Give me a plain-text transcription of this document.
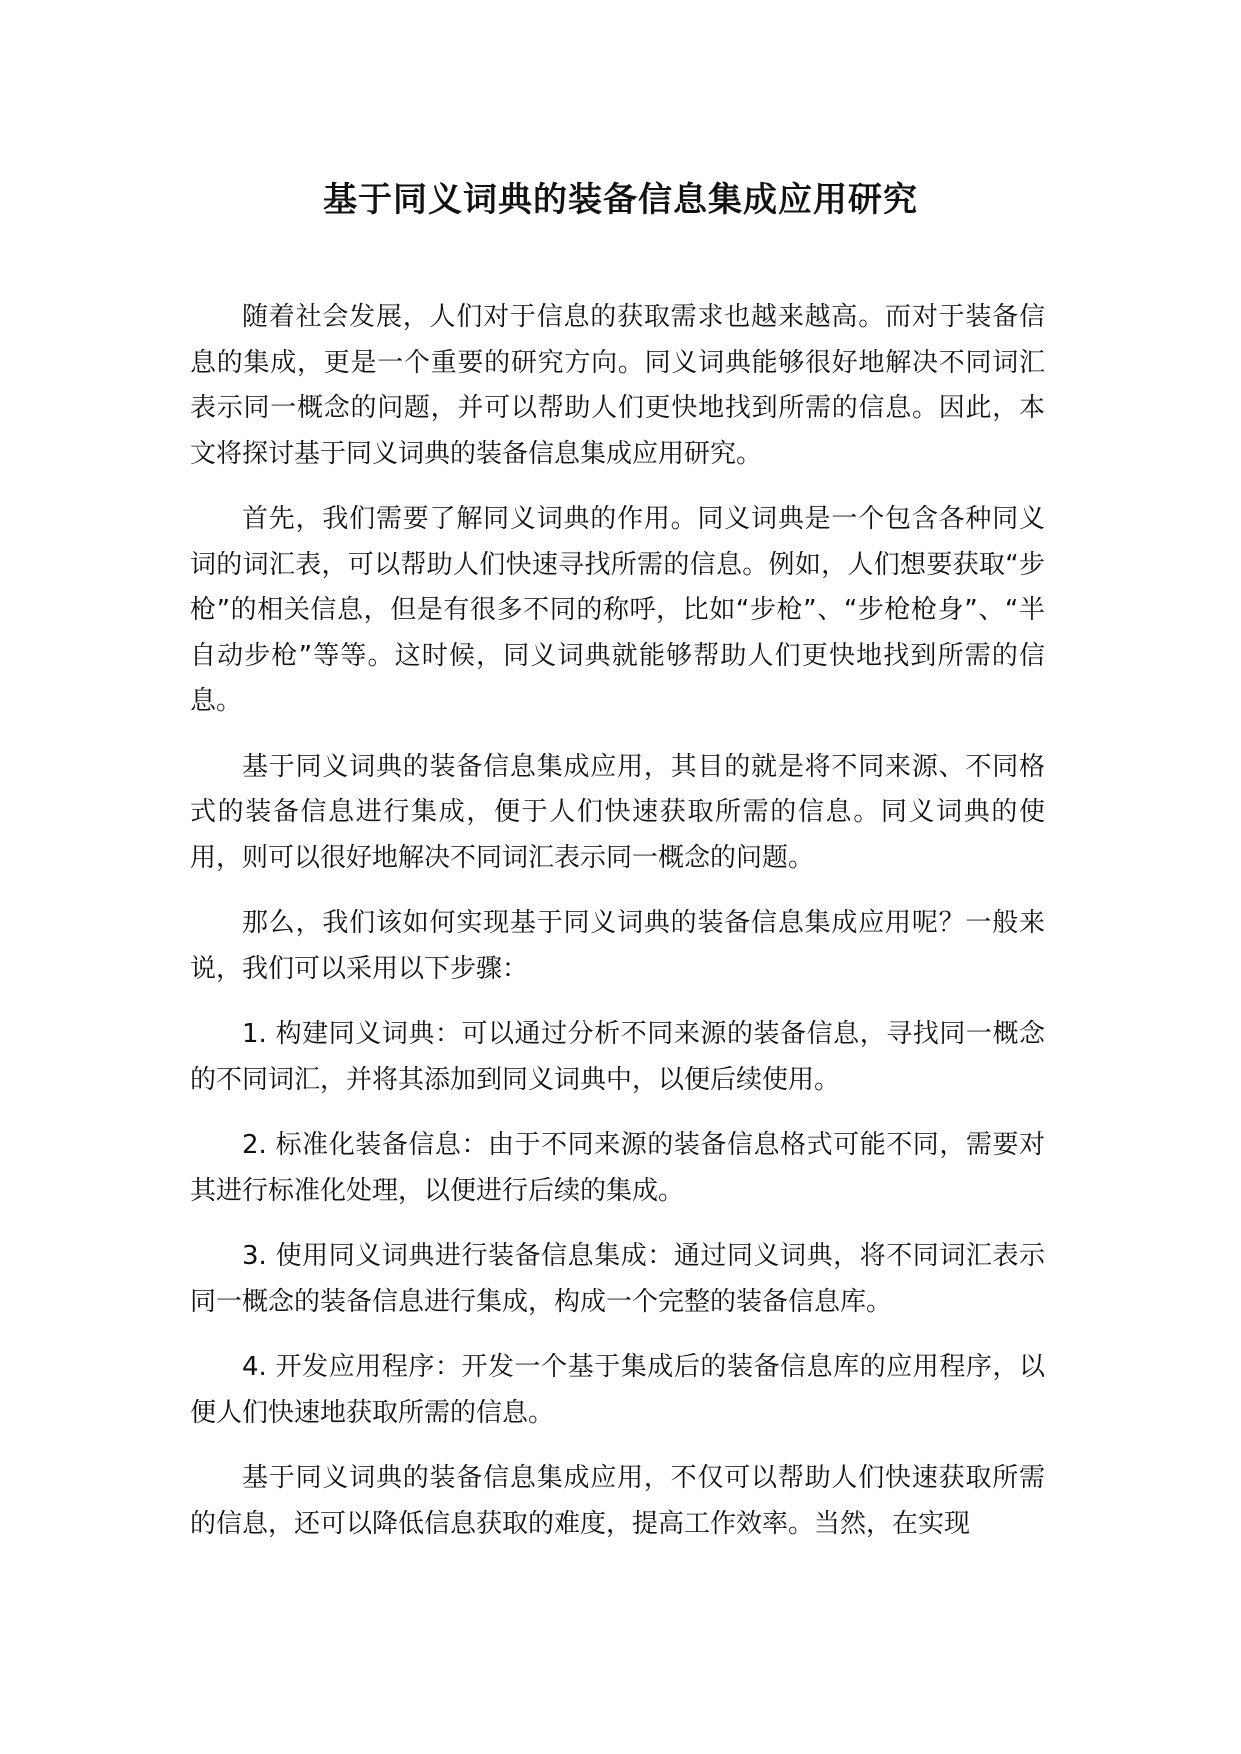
基于同义词典的装备信息集成应用研究

随着社会发展，人们对于信息的获取需求也越来越高。而对于装备信息的集成，更是一个重要的研究方向。同义词典能够很好地解决不同词汇表示同一概念的问题，并可以帮助人们更快地找到所需的信息。因此，本文将探讨基于同义词典的装备信息集成应用研究。

首先，我们需要了解同义词典的作用。同义词典是一个包含各种同义词的词汇表，可以帮助人们快速寻找所需的信息。例如，人们想要获取“步枪”的相关信息，但是有很多不同的称呼，比如“步枪”、“步枪枪身”、“半自动步枪”等等。这时候，同义词典就能够帮助人们更快地找到所需的信息。

基于同义词典的装备信息集成应用，其目的就是将不同来源、不同格式的装备信息进行集成，便于人们快速获取所需的信息。同义词典的使用，则可以很好地解决不同词汇表示同一概念的问题。

那么，我们该如何实现基于同义词典的装备信息集成应用呢？一般来说，我们可以采用以下步骤：

1. 构建同义词典：可以通过分析不同来源的装备信息，寻找同一概念的不同词汇，并将其添加到同义词典中，以便后续使用。

2. 标准化装备信息：由于不同来源的装备信息格式可能不同，需要对其进行标准化处理，以便进行后续的集成。

3. 使用同义词典进行装备信息集成：通过同义词典，将不同词汇表示同一概念的装备信息进行集成，构成一个完整的装备信息库。

4. 开发应用程序：开发一个基于集成后的装备信息库的应用程序，以便人们快速地获取所需的信息。

基于同义词典的装备信息集成应用，不仅可以帮助人们快速获取所需的信息，还可以降低信息获取的难度，提高工作效率。当然，在实现
